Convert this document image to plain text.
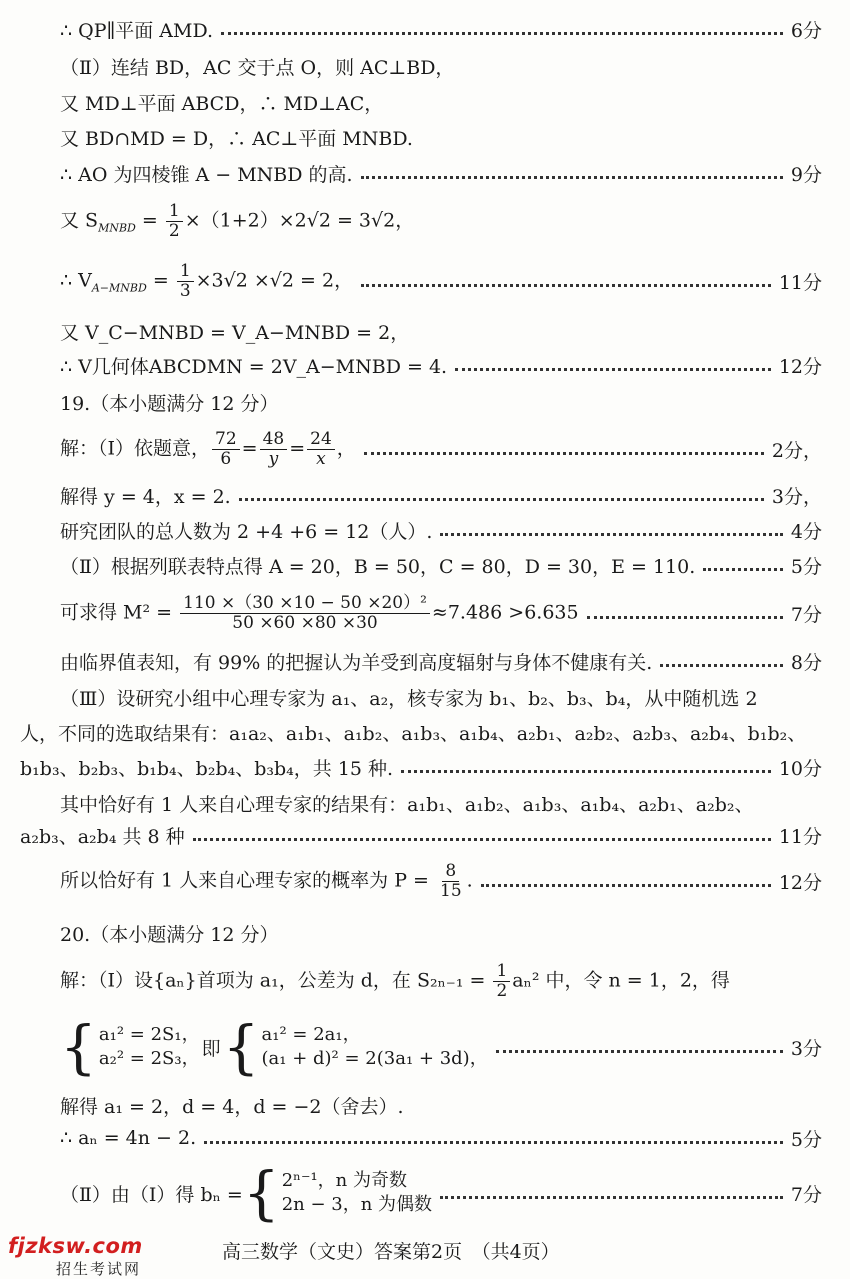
∴ QP∥平面 AMD.	6分
（Ⅱ）连结 BD，AC 交于点 O，则 AC⊥BD，
又 MD⊥平面 ABCD，∴ MD⊥AC，
又 BD∩MD = D，∴ AC⊥平面 MNBD.
∴ AO 为四棱锥 A − MNBD 的高.	9分
又 $S_{MNBD} = \frac{1}{2} \times(1+2)\times 2√2 = 3√2$，
∴ $V_{A-MNBD} = \frac{1}{3} \times 3√2 \times√2 = 2$，	11分
又 V_C−MNBD = V_A−MNBD = 2，
∴ V几何体ABCDMN = 2V_A−MNBD = 4.	12分
19.（本小题满分 12 分）
解：（Ⅰ）依题意， $\frac{72}{6} = \frac{48}{y} = \frac{24}{x}$ ，	2分，
解得 y = 4，x = 2.	3分，
研究团队的总人数为 2 +4 +6 = 12（人）.	4分
（Ⅱ）根据列联表特点得 A = 20，B = 50，C = 80，D = 30，E = 110.	5分
可求得 $M^2 = \frac{\text{110 ×（30 ×10 − 50 ×20）²}}{50 \times 60 \times 80 \times 30} \approx 7.486 >6.635$	7分
由临界值表知，有 99% 的把握认为羊受到高度辐射与身体不健康有关.	8分
（Ⅲ）设研究小组中心理专家为 a₁、a₂，核专家为 b₁、b₂、b₃、b₄，从中随机选 2
人，不同的选取结果有：a₁a₂、a₁b₁、a₁b₂、a₁b₃、a₁b₄、a₂b₁、a₂b₂、a₂b₃、a₂b₄、b₁b₂、
b₁b₃、b₂b₃、b₁b₄、b₂b₄、b₃b₄，共 15 种.	10分
其中恰好有 1 人来自心理专家的结果有：a₁b₁、a₁b₂、a₁b₃、a₁b₄、a₂b₁、a₂b₂、
a₂b₃、a₂b₄ 共 8 种	11分
所以恰好有 1 人来自心理专家的概率为 $P = \frac{8}{15}$ .	12分
20.（本小题满分 12 分）
解：（Ⅰ）设{aₙ}首项为 a₁，公差为 d，在 $S_{2n-1} = \frac{1}{2} a_n^2$ 中，令 n = 1，2，得
{ a₁² = 2S₁，
a₂² = 2S₃， 即 { a₁² = 2a₁，
(a₁ + d)² = 2(3a₁ + 3d)，	3分
解得 a₁ = 2，d = 4，d = −2（舍去）.
∴ aₙ = 4n − 2.	5分
（Ⅱ）由（Ⅰ）得 bₙ = { 2ⁿ⁻¹，n 为奇数
2n − 3，n 为偶数	7分
fjzksw.com
招生考试网
高三数学（文史）答案第2页　（共4页）
